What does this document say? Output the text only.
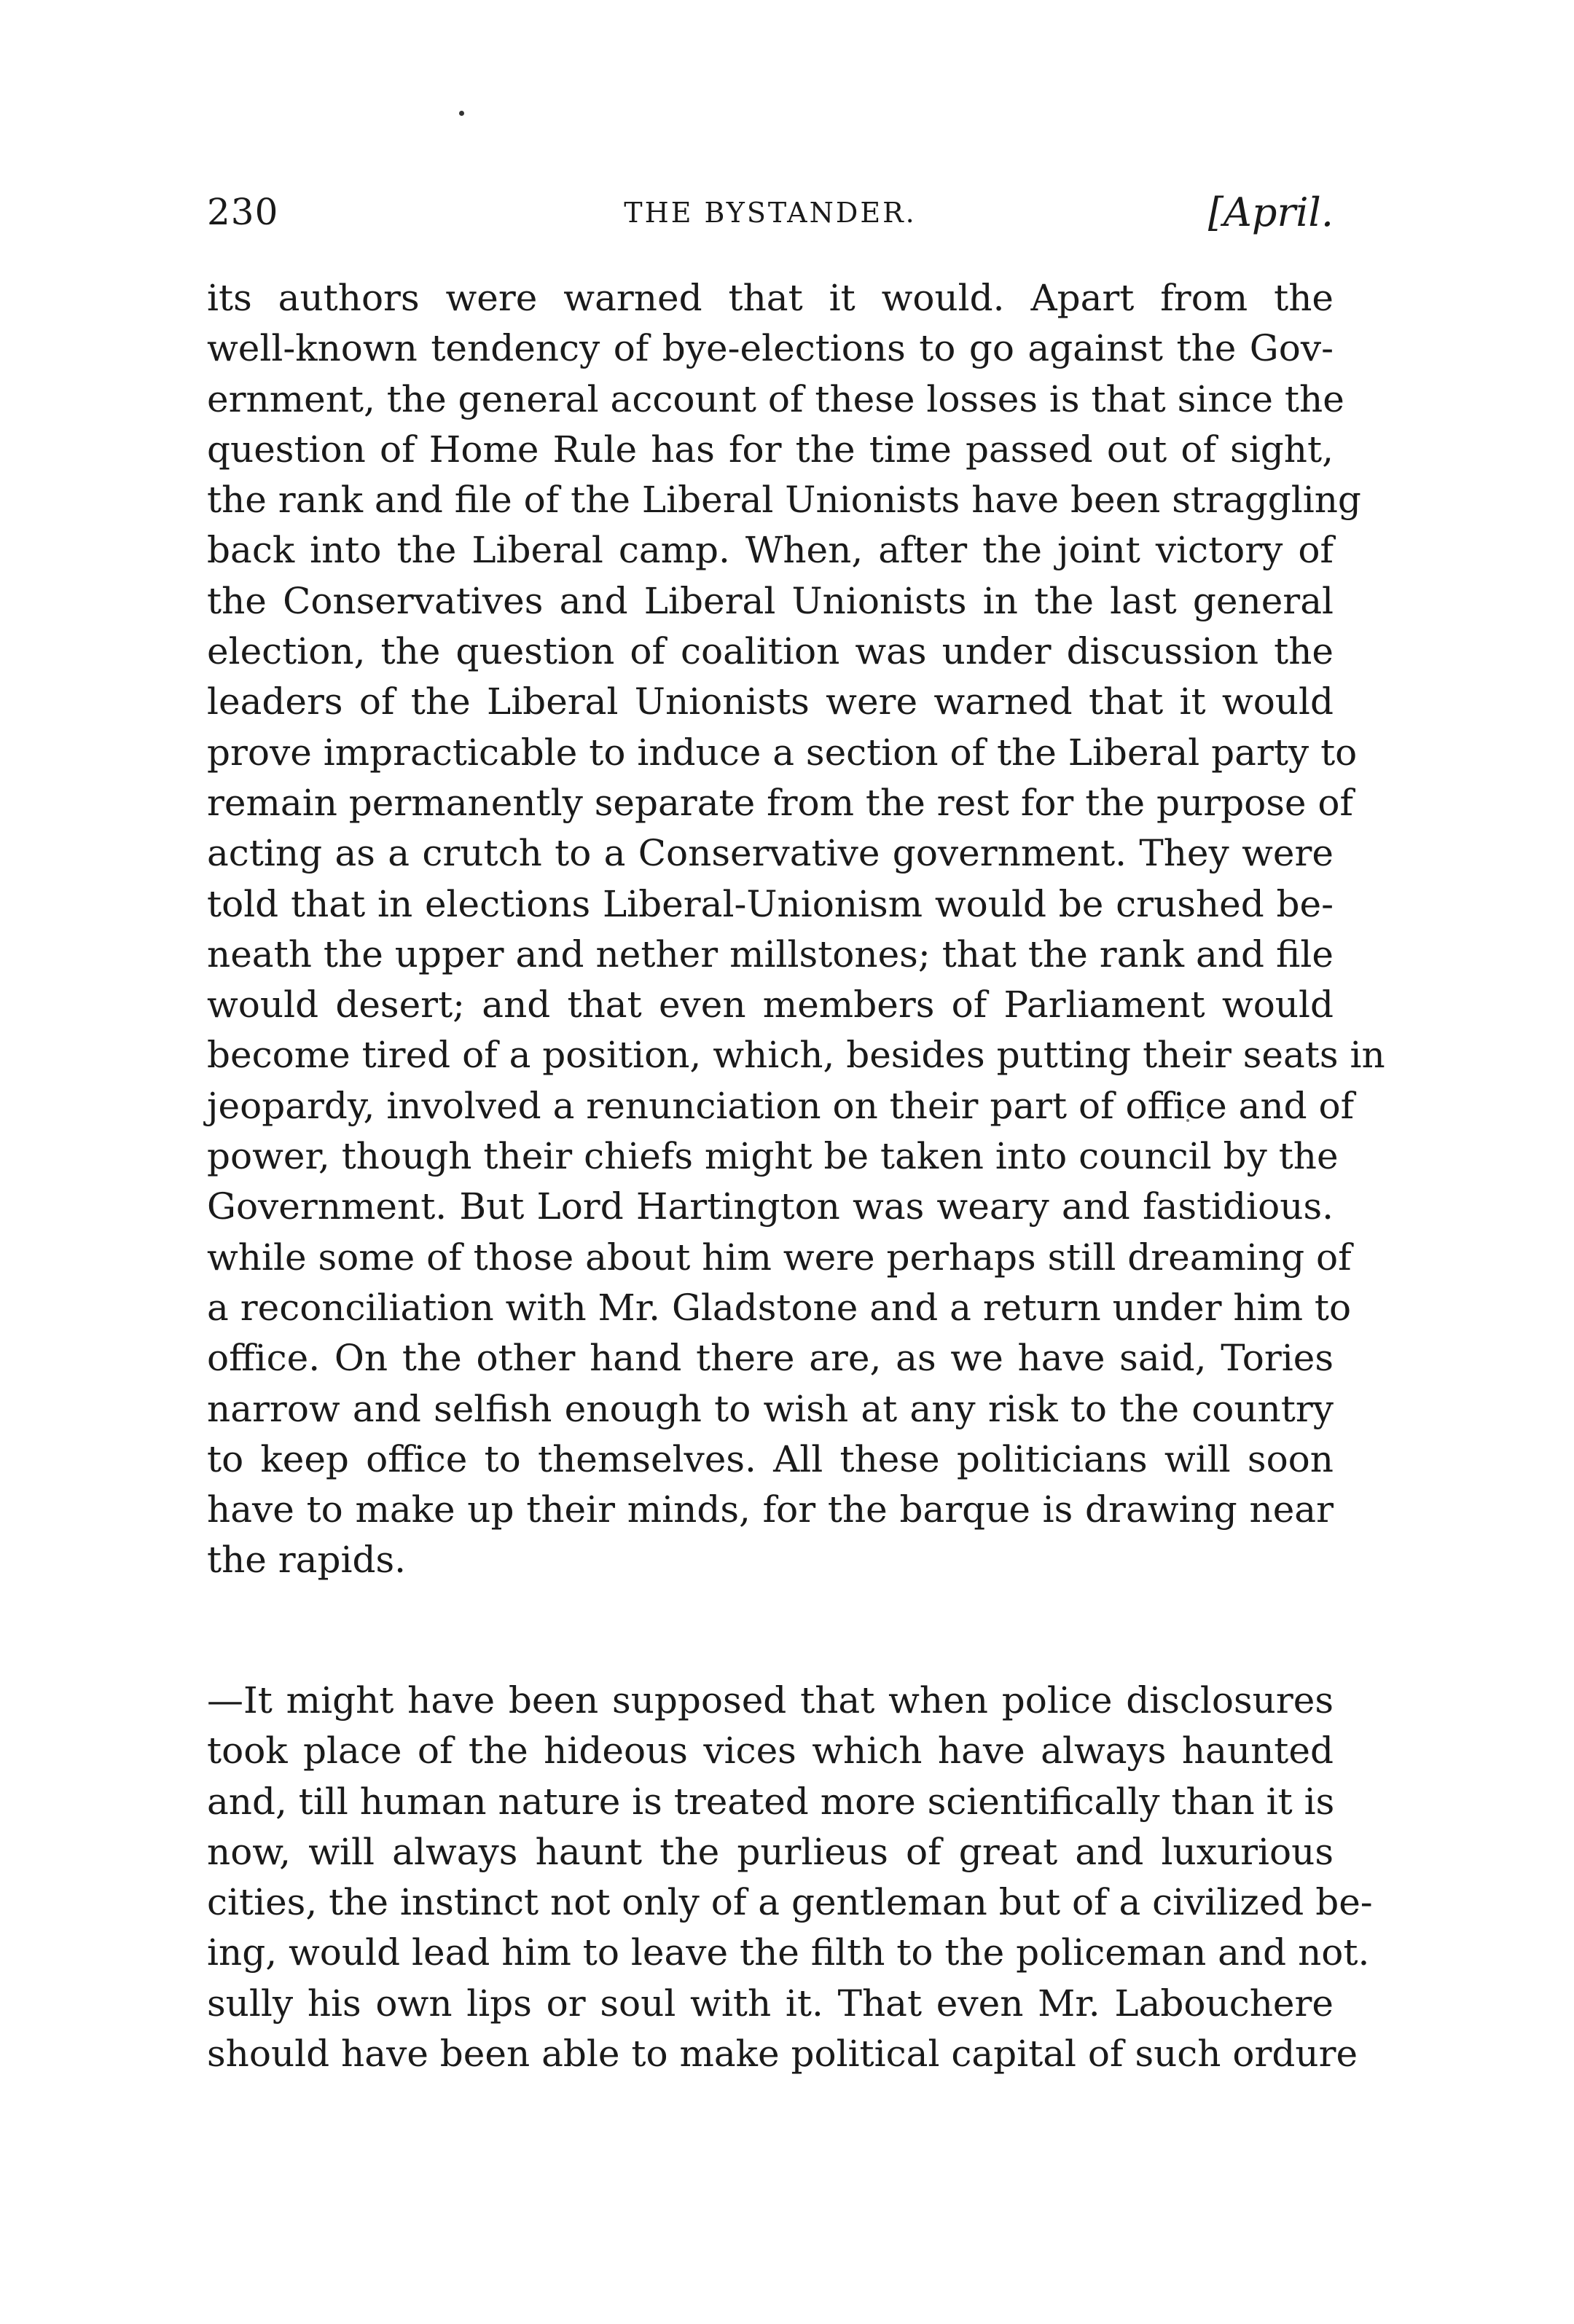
230	THE BYSTANDER.	[April.
its authors were warned that it would. Apart from the
well-known tendency of bye-elections to go against the Gov-
ernment, the general account of these losses is that since the
question of Home Rule has for the time passed out of sight,
the rank and file of the Liberal Unionists have been straggling
back into the Liberal camp. When, after the joint victory of
the Conservatives and Liberal Unionists in the last general
election, the question of coalition was under discussion the
leaders of the Liberal Unionists were warned that it would
prove impracticable to induce a section of the Liberal party to
remain permanently separate from the rest for the purpose of
acting as a crutch to a Conservative government. They were
told that in elections Liberal-Unionism would be crushed be-
neath the upper and nether millstones; that the rank and file
would desert; and that even members of Parliament would
become tired of a position, which, besides putting their seats in
jeopardy, involved a renunciation on their part of office and of
power, though their chiefs might be taken into council by the
Government. But Lord Hartington was weary and fastidious.
while some of those about him were perhaps still dreaming of
a reconciliation with Mr. Gladstone and a return under him to
office. On the other hand there are, as we have said, Tories
narrow and selfish enough to wish at any risk to the country
to keep office to themselves. All these politicians will soon
have to make up their minds, for the barque is drawing near
the rapids.
—It might have been supposed that when police disclosures
took place of the hideous vices which have always haunted
and, till human nature is treated more scientifically than it is
now, will always haunt the purlieus of great and luxurious
cities, the instinct not only of a gentleman but of a civilized be-
ing, would lead him to leave the filth to the policeman and not.
sully his own lips or soul with it. That even Mr. Labouchere
should have been able to make political capital of such ordure
